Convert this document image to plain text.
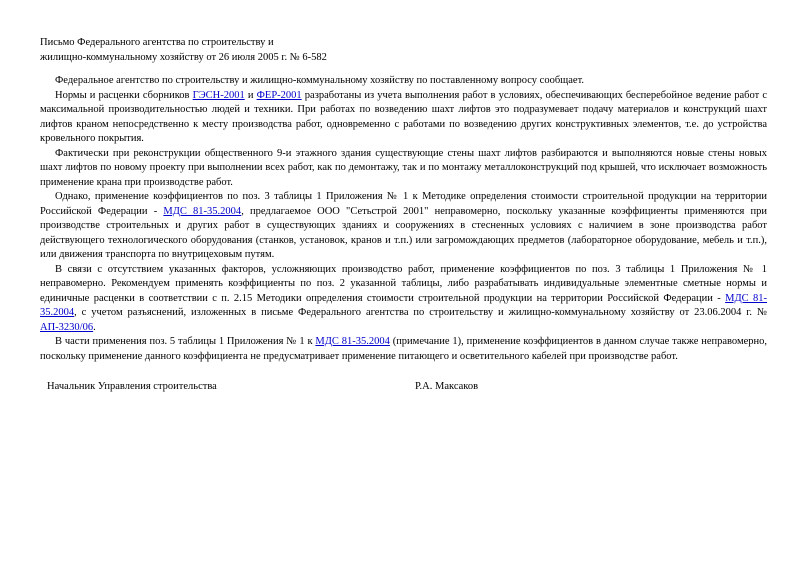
Письмо Федерального агентства по строительству и
жилищно-коммунальному хозяйству от 26 июля 2005 г. № 6-582

Федеральное агентство по строительству и жилищно-коммунальному хозяйству по поставленному вопросу сообщает.

Нормы и расценки сборников ГЭСН-2001 и ФЕР-2001 разработаны из учета выполнения работ в условиях, обеспечивающих бесперебойное ведение работ с максимальной производительностью людей и техники. При работах по возведению шахт лифтов это подразумевает подачу материалов и конструкций шахт лифтов краном непосредственно к месту производства работ, одновременно с работами по возведению других конструктивных элементов, т.е. до устройства кровельного покрытия.

Фактически при реконструкции общественного 9-и этажного здания существующие стены шахт лифтов разбираются и выполняются новые стены новых шахт лифтов по новому проекту при выполнении всех работ, как по демонтажу, так и по монтажу металлоконструкций под крышей, что исключает возможность применение крана при производстве работ.

Однако, применение коэффициентов по поз. 3 таблицы 1 Приложения № 1 к Методике определения стоимости строительной продукции на территории Российской Федерации - МДС 81-35.2004, предлагаемое ООО "Сетьстрой 2001" неправомерно, поскольку указанные коэффициенты применяются при производстве строительных и других работ в существующих зданиях и сооружениях в стесненных условиях с наличием в зоне производства работ действующего технологического оборудования (станков, установок, кранов и т.п.) или загромождающих предметов (лабораторное оборудование, мебель и т.п.), или движения транспорта по внутрицеховым путям.

В связи с отсутствием указанных факторов, усложняющих производство работ, применение коэффициентов по поз. 3 таблицы 1 Приложения № 1 неправомерно. Рекомендуем применять коэффициенты по поз. 2 указанной таблицы, либо разрабатывать индивидуальные элементные сметные нормы и единичные расценки в соответствии с п. 2.15 Методики определения стоимости строительной продукции на территории Российской Федерации - МДС 81-35.2004, с учетом разъяснений, изложенных в письме Федерального агентства по строительству и жилищно-коммунальному хозяйству от 23.06.2004 г. № АП-3230/06.

В части применения поз. 5 таблицы 1 Приложения № 1 к МДС 81-35.2004 (примечание 1), применение коэффициентов в данном случае также неправомерно, поскольку применение данного коэффициента не предусматривает применение питающего и осветительного кабелей при производстве работ.

Начальник Управления строительства	Р.А. Максаков
